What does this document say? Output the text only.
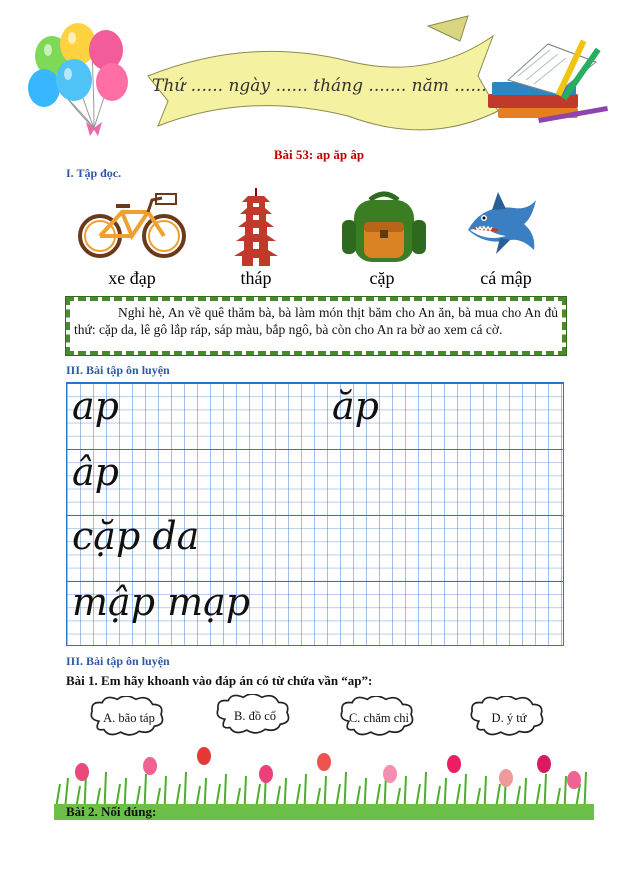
Thứ ...... ngày ...... tháng ....... năm ......
Bài 53: ap ăp âp
I. Tập đọc.
xe đạp	tháp	cặp	cá mập
Nghỉ hè, An về quê thăm bà, bà làm món thịt băm cho An ăn, bà mua cho An đủ thứ: cặp da, lê gô lắp ráp, sáp màu, bắp ngô, bà còn cho An ra bờ ao xem cá cờ.
III. Bài tập ôn luyện
ap	ăp
âp
cặp da
mập mạp
III. Bài tập ôn luyện
Bài 1. Em hãy khoanh vào đáp án có từ chứa vần “ap”:
A. bão táp	B. đồ cổ	C. chăm chỉ	D. ý tứ
Bài 2. Nối đúng:
